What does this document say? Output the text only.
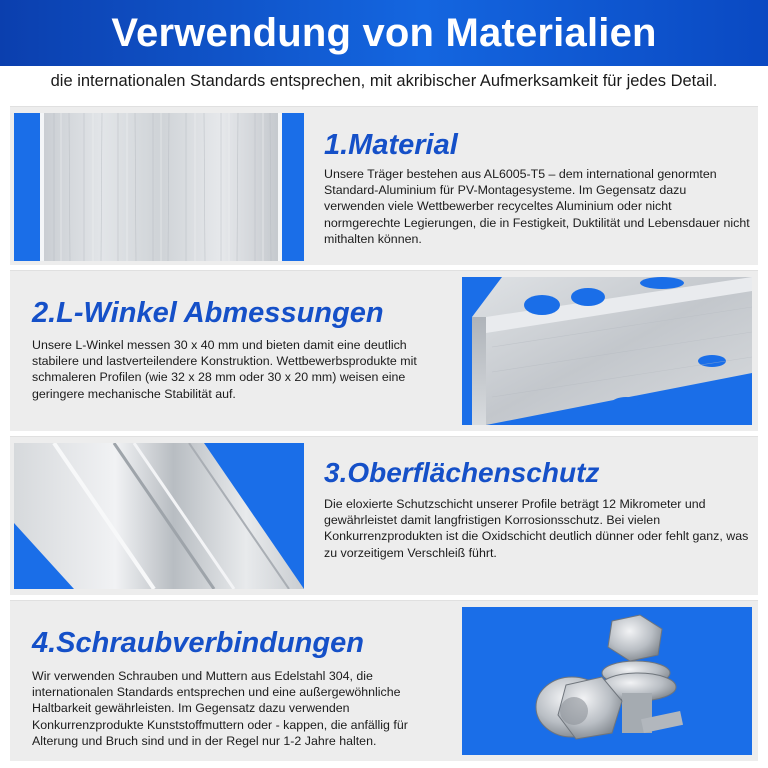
Verwendung von Materialien
die internationalen Standards entsprechen, mit akribischer Aufmerksamkeit für jedes Detail.
1.Material

Unsere Träger bestehen aus AL6005-T5 – dem international genormten Standard-Aluminium für PV-Montagesysteme. Im Gegensatz dazu verwenden viele Wettbewerber recyceltes Aluminium oder nicht normgerechte Legierungen, die in Festigkeit, Duktilität und Lebensdauer nicht mithalten können.

2.L-Winkel Abmessungen

Unsere L-Winkel messen 30 x 40 mm und bieten damit eine deutlich stabilere und lastverteilendere Konstruktion. Wettbewerbsprodukte mit schmaleren Profilen (wie 32 x 28 mm oder 30 x 20 mm) weisen eine geringere mechanische Stabilität auf.

3.Oberflächenschutz

Die eloxierte Schutzschicht unserer Profile beträgt 12 Mikrometer und gewährleistet damit langfristigen Korrosionsschutz. Bei vielen Konkurrenzprodukten ist die Oxidschicht deutlich dünner oder fehlt ganz, was zu vorzeitigem Verschleiß führt.

4.Schraubverbindungen

Wir verwenden Schrauben und Muttern aus Edelstahl 304, die internationalen Standards entsprechen und eine außergewöhnliche Haltbarkeit gewährleisten. Im Gegensatz dazu verwenden Konkurrenzprodukte Kunststoffmuttern oder - kappen, die anfällig für Alterung und Bruch sind und in der Regel nur 1-2 Jahre halten.
